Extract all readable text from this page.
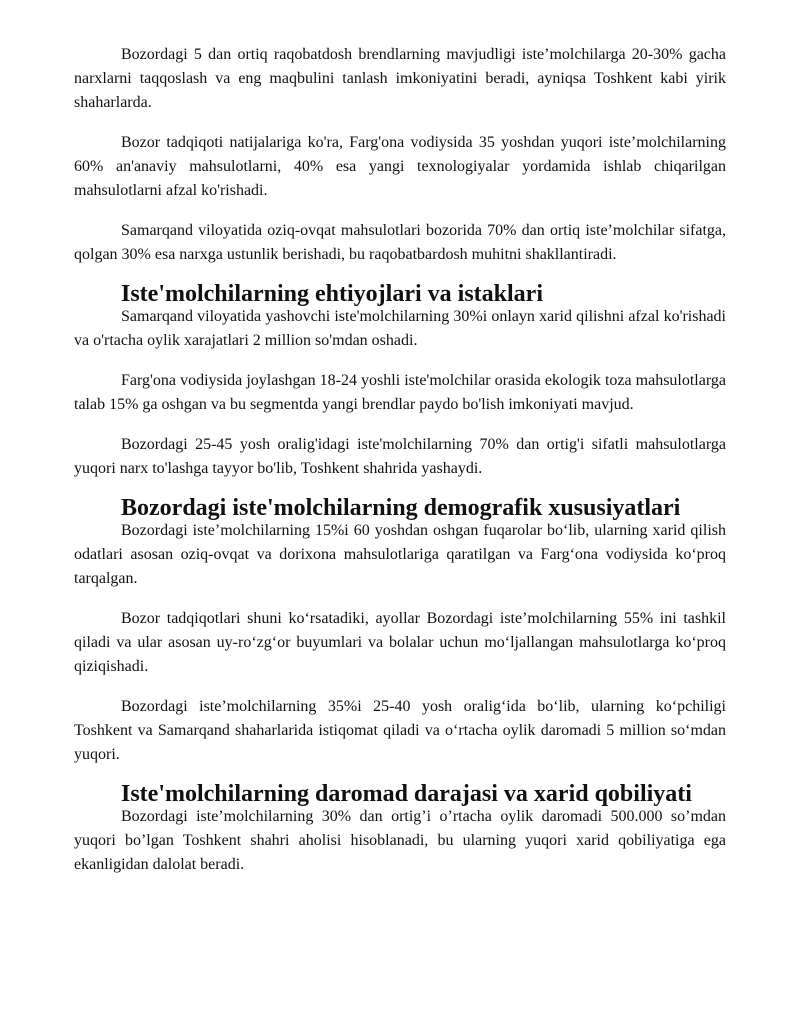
Bozordagi 5 dan ortiq raqobatdosh brendlarning mavjudligi iste’molchilarga 20-30% gacha narxlarni taqqoslash va eng maqbulini tanlash imkoniyatini beradi, ayniqsa Toshkent kabi yirik shaharlarda.

Bozor tadqiqoti natijalariga ko'ra, Farg'ona vodiysida 35 yoshdan yuqori iste’molchilarning 60% an'anaviy mahsulotlarni, 40% esa yangi texnologiyalar yordamida ishlab chiqarilgan mahsulotlarni afzal ko'rishadi.

Samarqand viloyatida oziq-ovqat mahsulotlari bozorida 70% dan ortiq iste’molchilar sifatga, qolgan 30% esa narxga ustunlik berishadi, bu raqobatbardosh muhitni shakllantiradi.

Iste'molchilarning ehtiyojlari va istaklari

Samarqand viloyatida yashovchi iste'molchilarning 30%i onlayn xarid qilishni afzal ko'rishadi va o'rtacha oylik xarajatlari 2 million so'mdan oshadi.

Farg'ona vodiysida joylashgan 18-24 yoshli iste'molchilar orasida ekologik toza mahsulotlarga talab 15% ga oshgan va bu segmentda yangi brendlar paydo bo'lish imkoniyati mavjud.

Bozordagi 25-45 yosh oralig'idagi iste'molchilarning 70% dan ortig'i sifatli mahsulotlarga yuqori narx to'lashga tayyor bo'lib, Toshkent shahrida yashaydi.

Bozordagi iste'molchilarning demografik xususiyatlari

Bozordagi iste’molchilarning 15%i 60 yoshdan oshgan fuqarolar bo‘lib, ularning xarid qilish odatlari asosan oziq-ovqat va dorixona mahsulotlariga qaratilgan va Farg‘ona vodiysida ko‘proq tarqalgan.

Bozor tadqiqotlari shuni ko‘rsatadiki, ayollar Bozordagi iste’molchilarning 55% ini tashkil qiladi va ular asosan uy-ro‘zg‘or buyumlari va bolalar uchun mo‘ljallangan mahsulotlarga ko‘proq qiziqishadi.

Bozordagi iste’molchilarning 35%i 25-40 yosh oralig‘ida bo‘lib, ularning ko‘pchiligi Toshkent va Samarqand shaharlarida istiqomat qiladi va o‘rtacha oylik daromadi 5 million so‘mdan yuqori.

Iste'molchilarning daromad darajasi va xarid qobiliyati

Bozordagi iste’molchilarning 30% dan ortig’i o’rtacha oylik daromadi 500.000 so’mdan yuqori bo’lgan Toshkent shahri aholisi hisoblanadi, bu ularning yuqori xarid qobiliyatiga ega ekanligidan dalolat beradi.
